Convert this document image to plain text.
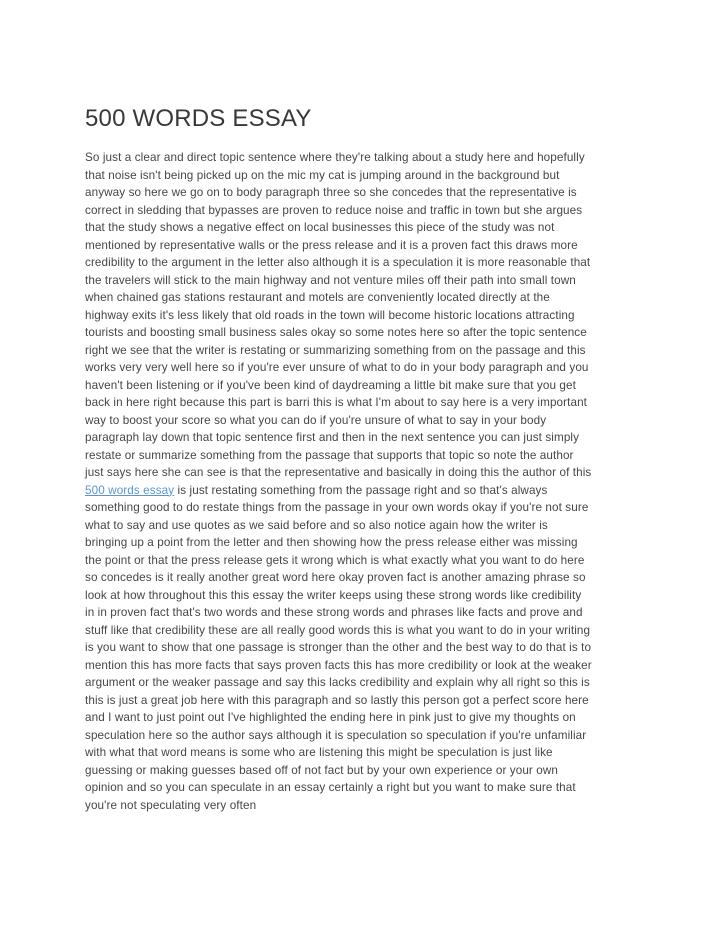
500 WORDS ESSAY
So just a clear and direct topic sentence where they're talking about a study here and hopefully
that noise isn't being picked up on the mic my cat is jumping around in the background but
anyway so here we go on to body paragraph three so she concedes that the representative is
correct in sledding that bypasses are proven to reduce noise and traffic in town but she argues
that the study shows a negative effect on local businesses this piece of the study was not
mentioned by representative walls or the press release and it is a proven fact this draws more
credibility to the argument in the letter also although it is a speculation it is more reasonable that
the travelers will stick to the main highway and not venture miles off their path into small town
when chained gas stations restaurant and motels are conveniently located directly at the
highway exits it's less likely that old roads in the town will become historic locations attracting
tourists and boosting small business sales okay so some notes here so after the topic sentence
right we see that the writer is restating or summarizing something from on the passage and this
works very very well here so if you're ever unsure of what to do in your body paragraph and you
haven't been listening or if you've been kind of daydreaming a little bit make sure that you get
back in here right because this part is barri this is what I'm about to say here is a very important
way to boost your score so what you can do if you're unsure of what to say in your body
paragraph lay down that topic sentence first and then in the next sentence you can just simply
restate or summarize something from the passage that supports that topic so note the author
just says here she can see is that the representative and basically in doing this the author of this
500 words essay is just restating something from the passage right and so that's always
something good to do restate things from the passage in your own words okay if you're not sure
what to say and use quotes as we said before and so also notice again how the writer is
bringing up a point from the letter and then showing how the press release either was missing
the point or that the press release gets it wrong which is what exactly what you want to do here
so concedes is it really another great word here okay proven fact is another amazing phrase so
look at how throughout this this essay the writer keeps using these strong words like credibility
in in proven fact that's two words and these strong words and phrases like facts and prove and
stuff like that credibility these are all really good words this is what you want to do in your writing
is you want to show that one passage is stronger than the other and the best way to do that is to
mention this has more facts that says proven facts this has more credibility or look at the weaker
argument or the weaker passage and say this lacks credibility and explain why all right so this is
this is just a great job here with this paragraph and so lastly this person got a perfect score here
and I want to just point out I've highlighted the ending here in pink just to give my thoughts on
speculation here so the author says although it is speculation so speculation if you're unfamiliar
with what that word means is some who are listening this might be speculation is just like
guessing or making guesses based off of not fact but by your own experience or your own
opinion and so you can speculate in an essay certainly a right but you want to make sure that
you're not speculating very often
